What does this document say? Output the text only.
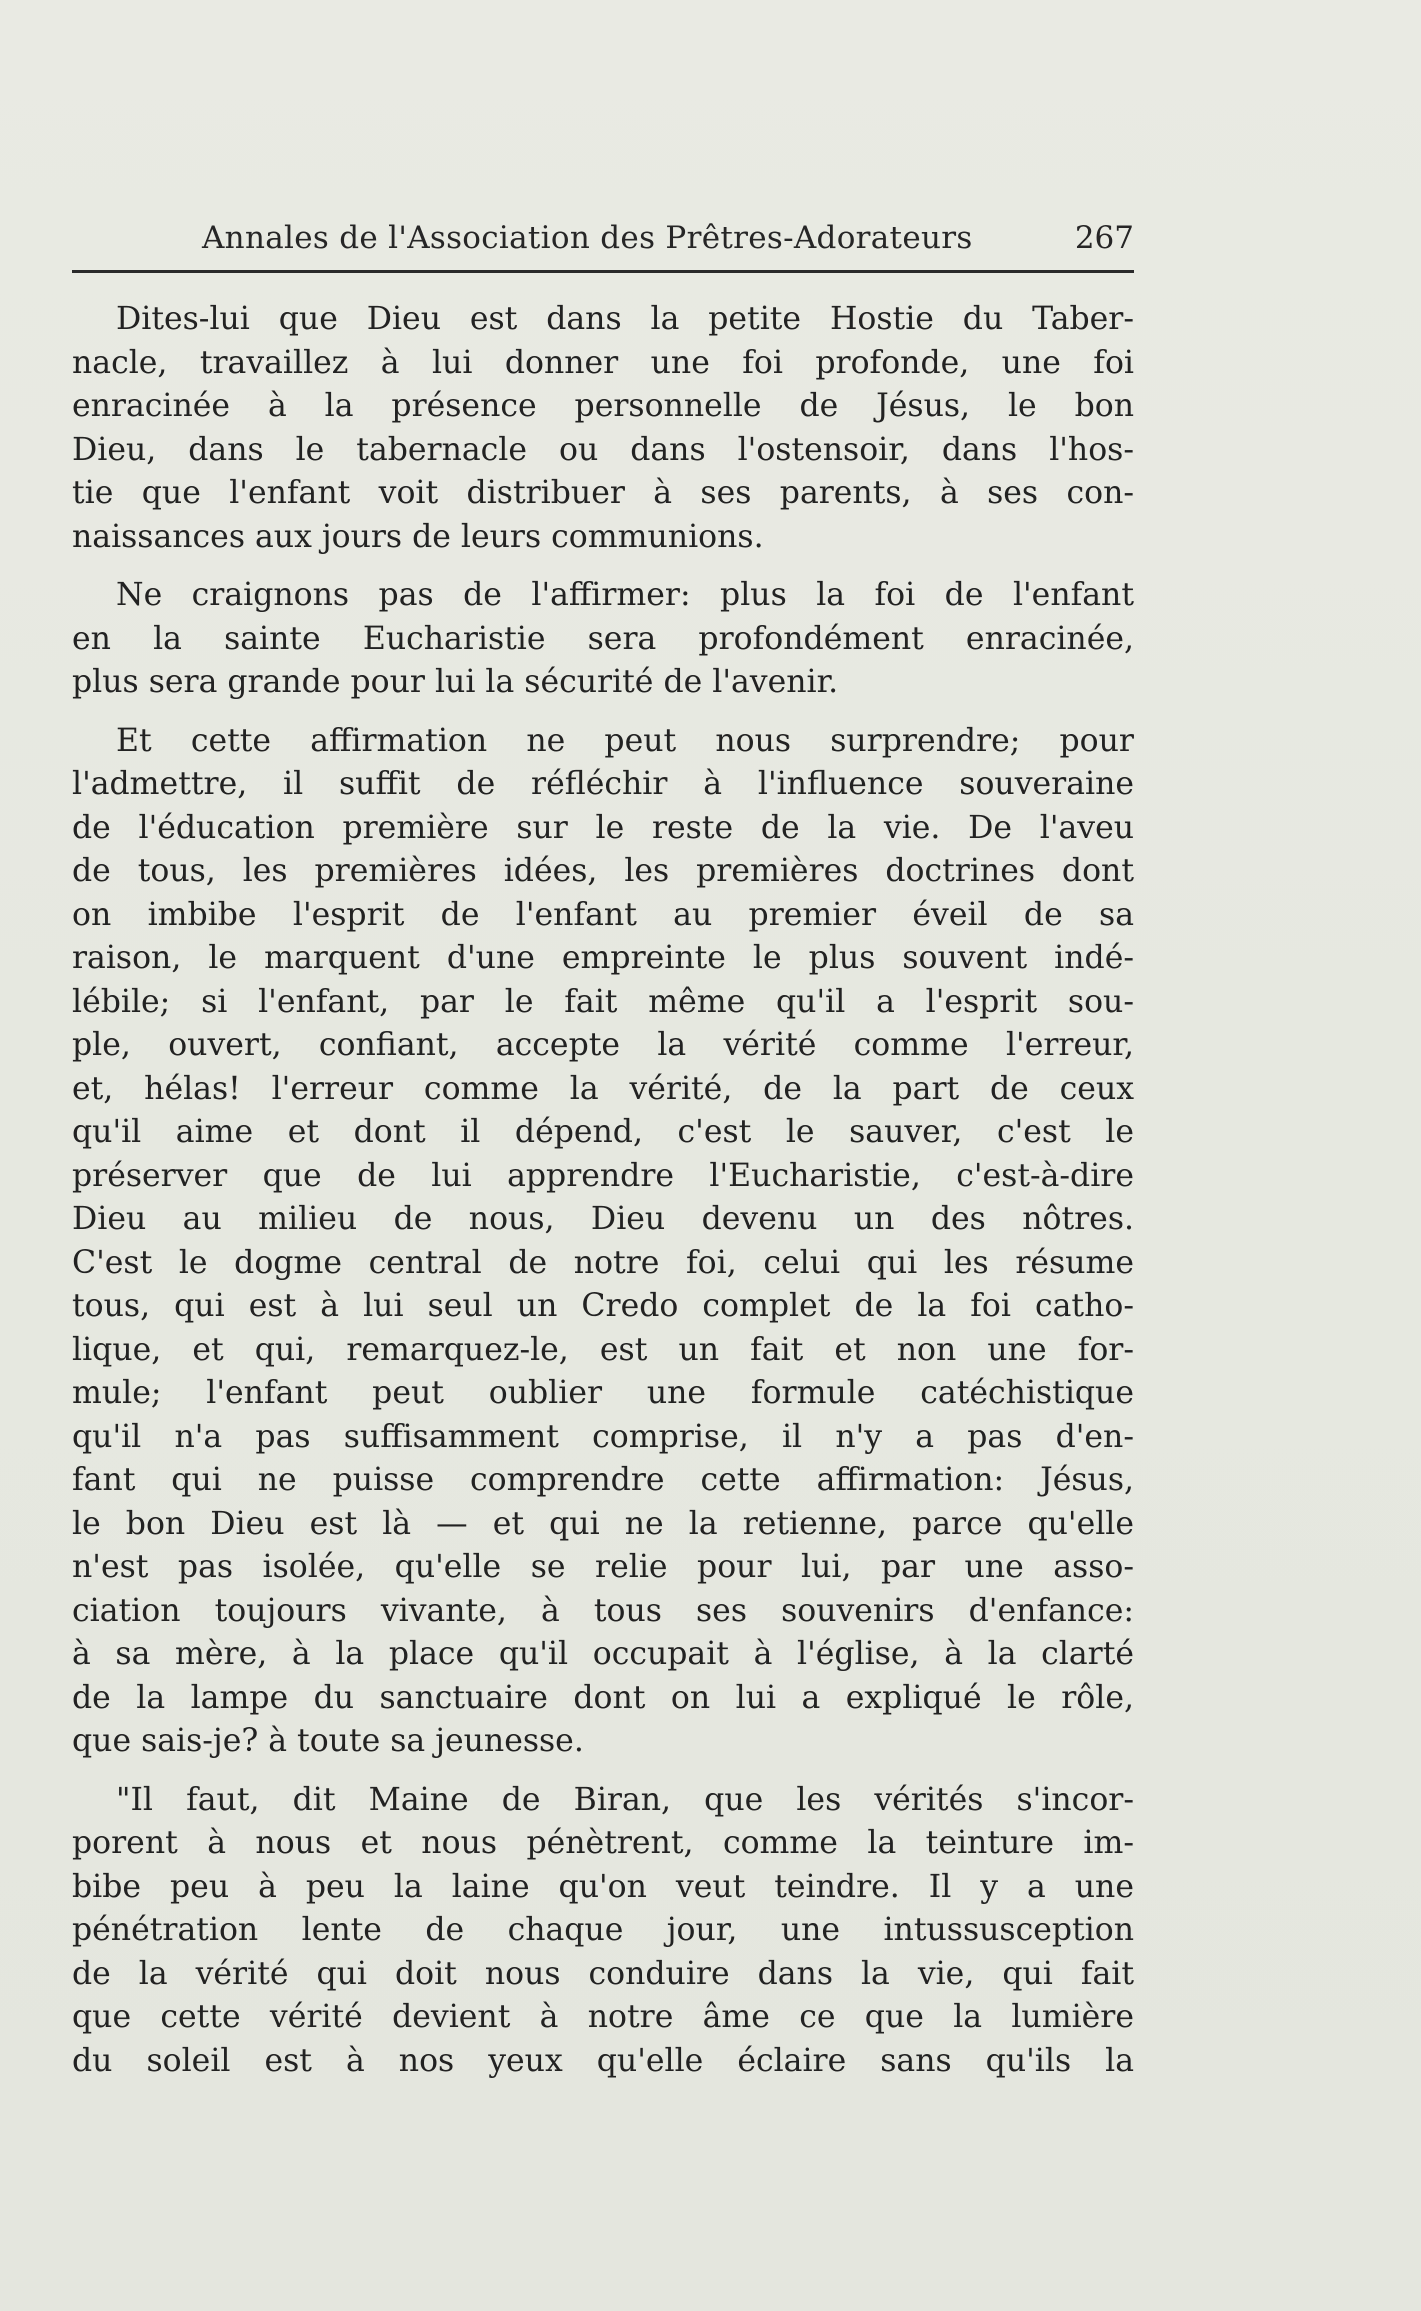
Annales de l'Association des Prêtres-Adorateurs	267
Dites-lui que Dieu est dans la petite Hostie du Taber-
nacle, travaillez à lui donner une foi profonde, une foi
enracinée à la présence personnelle de Jésus, le bon
Dieu, dans le tabernacle ou dans l'ostensoir, dans l'hos-
tie que l'enfant voit distribuer à ses parents, à ses con-
naissances aux jours de leurs communions.
Ne craignons pas de l'affirmer: plus la foi de l'enfant
en la sainte Eucharistie sera profondément enracinée,
plus sera grande pour lui la sécurité de l'avenir.
Et cette affirmation ne peut nous surprendre; pour
l'admettre, il suffit de réfléchir à l'influence souveraine
de l'éducation première sur le reste de la vie. De l'aveu
de tous, les premières idées, les premières doctrines dont
on imbibe l'esprit de l'enfant au premier éveil de sa
raison, le marquent d'une empreinte le plus souvent indé-
lébile; si l'enfant, par le fait même qu'il a l'esprit sou-
ple, ouvert, confiant, accepte la vérité comme l'erreur,
et, hélas! l'erreur comme la vérité, de la part de ceux
qu'il aime et dont il dépend, c'est le sauver, c'est le
préserver que de lui apprendre l'Eucharistie, c'est-à-dire
Dieu au milieu de nous, Dieu devenu un des nôtres.
C'est le dogme central de notre foi, celui qui les résume
tous, qui est à lui seul un Credo complet de la foi catho-
lique, et qui, remarquez-le, est un fait et non une for-
mule; l'enfant peut oublier une formule catéchistique
qu'il n'a pas suffisamment comprise, il n'y a pas d'en-
fant qui ne puisse comprendre cette affirmation: Jésus,
le bon Dieu est là — et qui ne la retienne, parce qu'elle
n'est pas isolée, qu'elle se relie pour lui, par une asso-
ciation toujours vivante, à tous ses souvenirs d'enfance:
à sa mère, à la place qu'il occupait à l'église, à la clarté
de la lampe du sanctuaire dont on lui a expliqué le rôle,
que sais-je? à toute sa jeunesse.
"Il faut, dit Maine de Biran, que les vérités s'incor-
porent à nous et nous pénètrent, comme la teinture im-
bibe peu à peu la laine qu'on veut teindre. Il y a une
pénétration lente de chaque jour, une intussusception
de la vérité qui doit nous conduire dans la vie, qui fait
que cette vérité devient à notre âme ce que la lumière
du soleil est à nos yeux qu'elle éclaire sans qu'ils la
